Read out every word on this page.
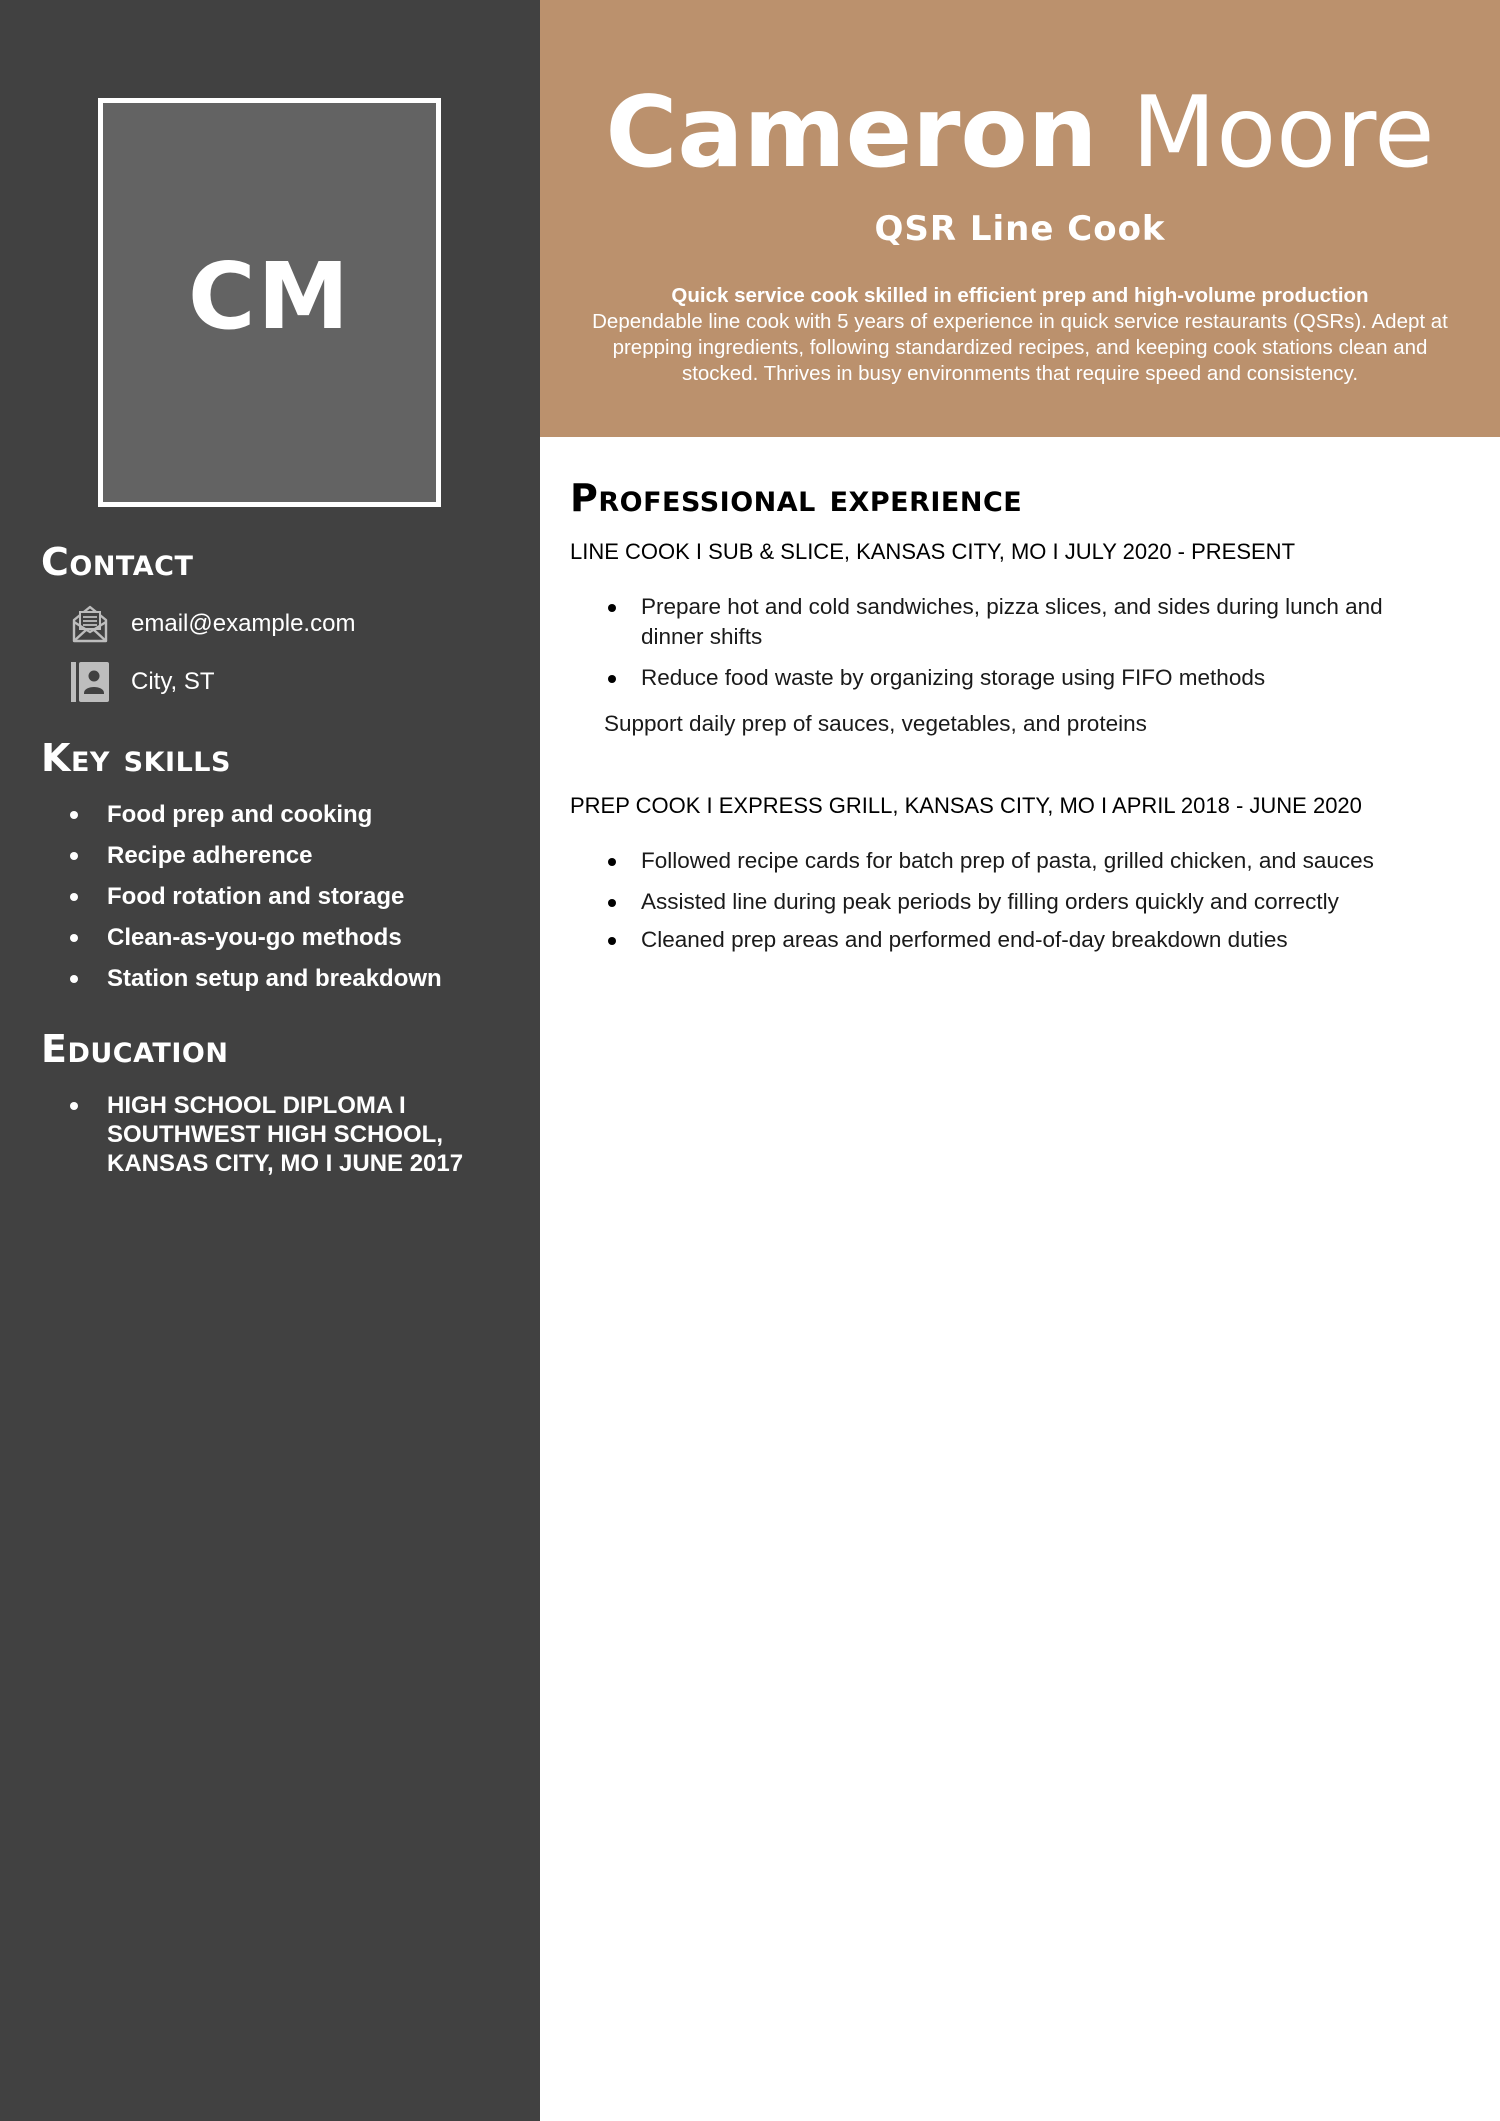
CM
Contact
email@example.com
City, ST
Key skills
Food prep and cooking
Recipe adherence
Food rotation and storage
Clean-as-you-go methods
Station setup and breakdown
Education
HIGH SCHOOL DIPLOMA I SOUTHWEST HIGH SCHOOL, KANSAS CITY, MO I JUNE 2017
Cameron Moore
QSR Line Cook
Quick service cook skilled in efficient prep and high-volume production
Dependable line cook with 5 years of experience in quick service restaurants (QSRs). Adept at prepping ingredients, following standardized recipes, and keeping cook stations clean and stocked. Thrives in busy environments that require speed and consistency.
Professional experience
LINE COOK I SUB & SLICE, KANSAS CITY, MO I JULY 2020 - PRESENT
Prepare hot and cold sandwiches, pizza slices, and sides during lunch and dinner shifts
Reduce food waste by organizing storage using FIFO methods
Support daily prep of sauces, vegetables, and proteins
PREP COOK I EXPRESS GRILL, KANSAS CITY, MO I APRIL 2018 - JUNE 2020
Followed recipe cards for batch prep of pasta, grilled chicken, and sauces
Assisted line during peak periods by filling orders quickly and correctly
Cleaned prep areas and performed end-of-day breakdown duties
